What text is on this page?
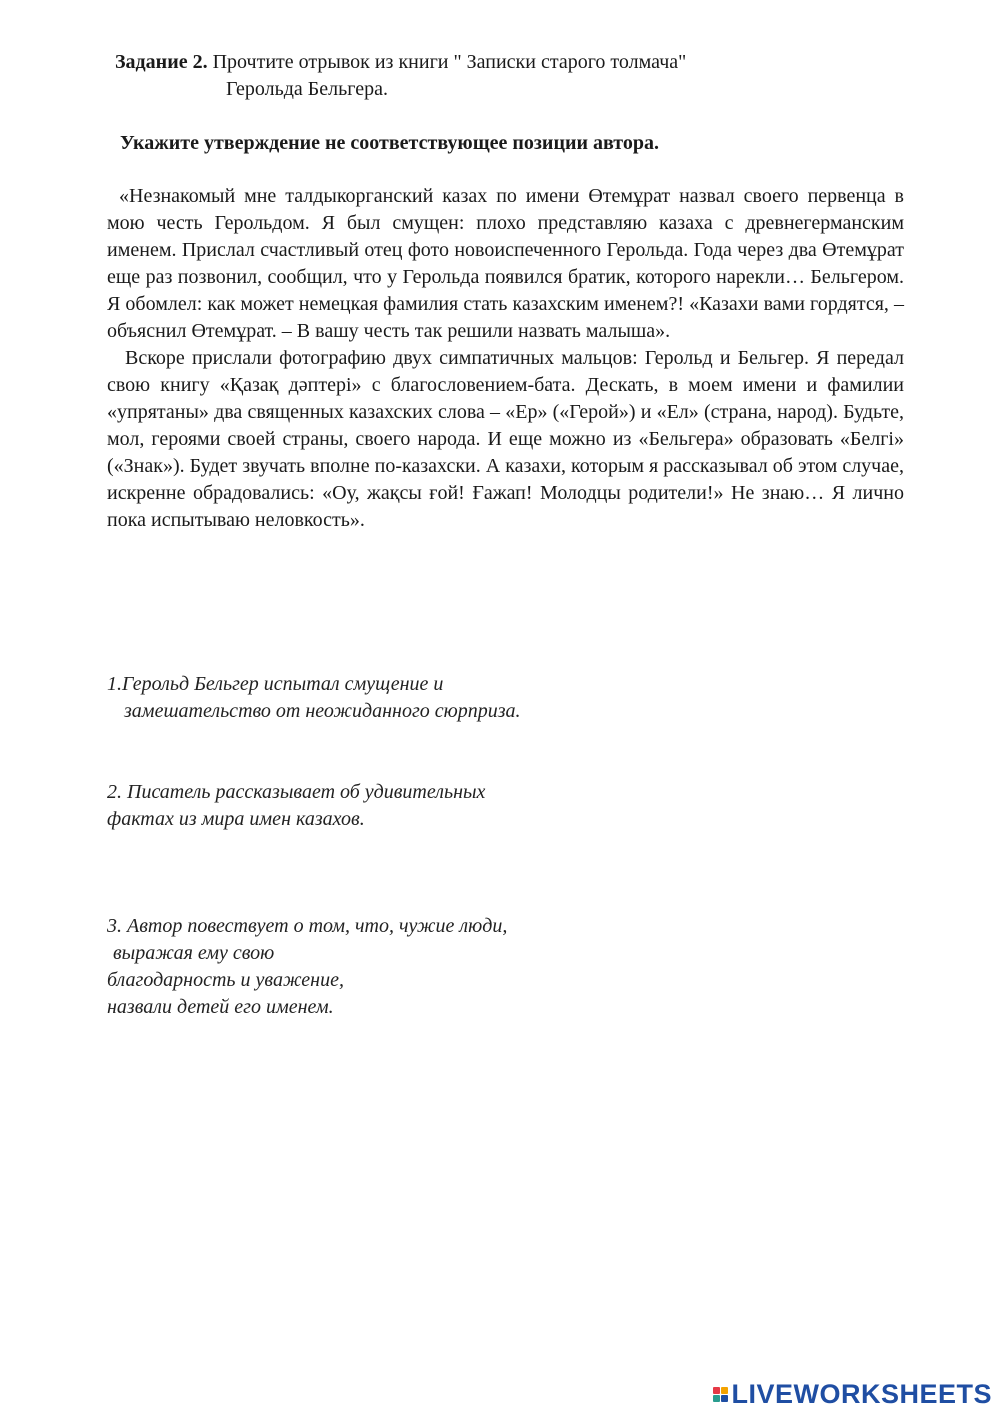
Задание 2. Прочтите отрывок из книги " Записки старого толмача"
Герольда Бельгера.
Укажите утверждение не соответствующее позиции автора.

«Незнакомый мне талдыкорганский казах по имени Өтемұрат назвал своего первенца в мою честь Герольдом. Я был смущен: плохо представляю казаха с древнегерманским именем. Прислал счастливый отец фото новоиспеченного Герольда. Года через два Өтемұрат еще раз позвонил, сообщил, что у Герольда появился братик, которого нарекли… Бельгером. Я обомлел: как может немецкая фамилия стать казахским именем?! «Казахи вами гордятся, – объяснил Өтемұрат. – В вашу честь так решили назвать малыша».

Вскоре прислали фотографию двух симпатичных мальцов: Герольд и Бельгер. Я передал свою книгу «Қазақ дәптері» с благословением-бата. Дескать, в моем имени и фамилии «упрятаны» два священных казахских слова – «Ер» («Герой») и «Ел» (страна, народ). Будьте, мол, героями своей страны, своего народа. И еще можно из «Бельгера» образовать «Белгі» («Знак»). Будет звучать вполне по-казахски. А казахи, которым я рассказывал об этом случае, искренне обрадовались: «Оу, жақсы ғой! Ғажап! Молодцы родители!» Не знаю… Я лично пока испытываю неловкость».

1.Герольд Бельгер испытал смущение и
замешательство от неожиданного сюрприза.
2. Писатель рассказывает об удивительных
фактах из мира имен казахов.
3. Автор повествует о том, что, чужие люди,
выражая ему свою
благодарность и уважение,
назвали детей его именем.
LIVEWORKSHEETS
